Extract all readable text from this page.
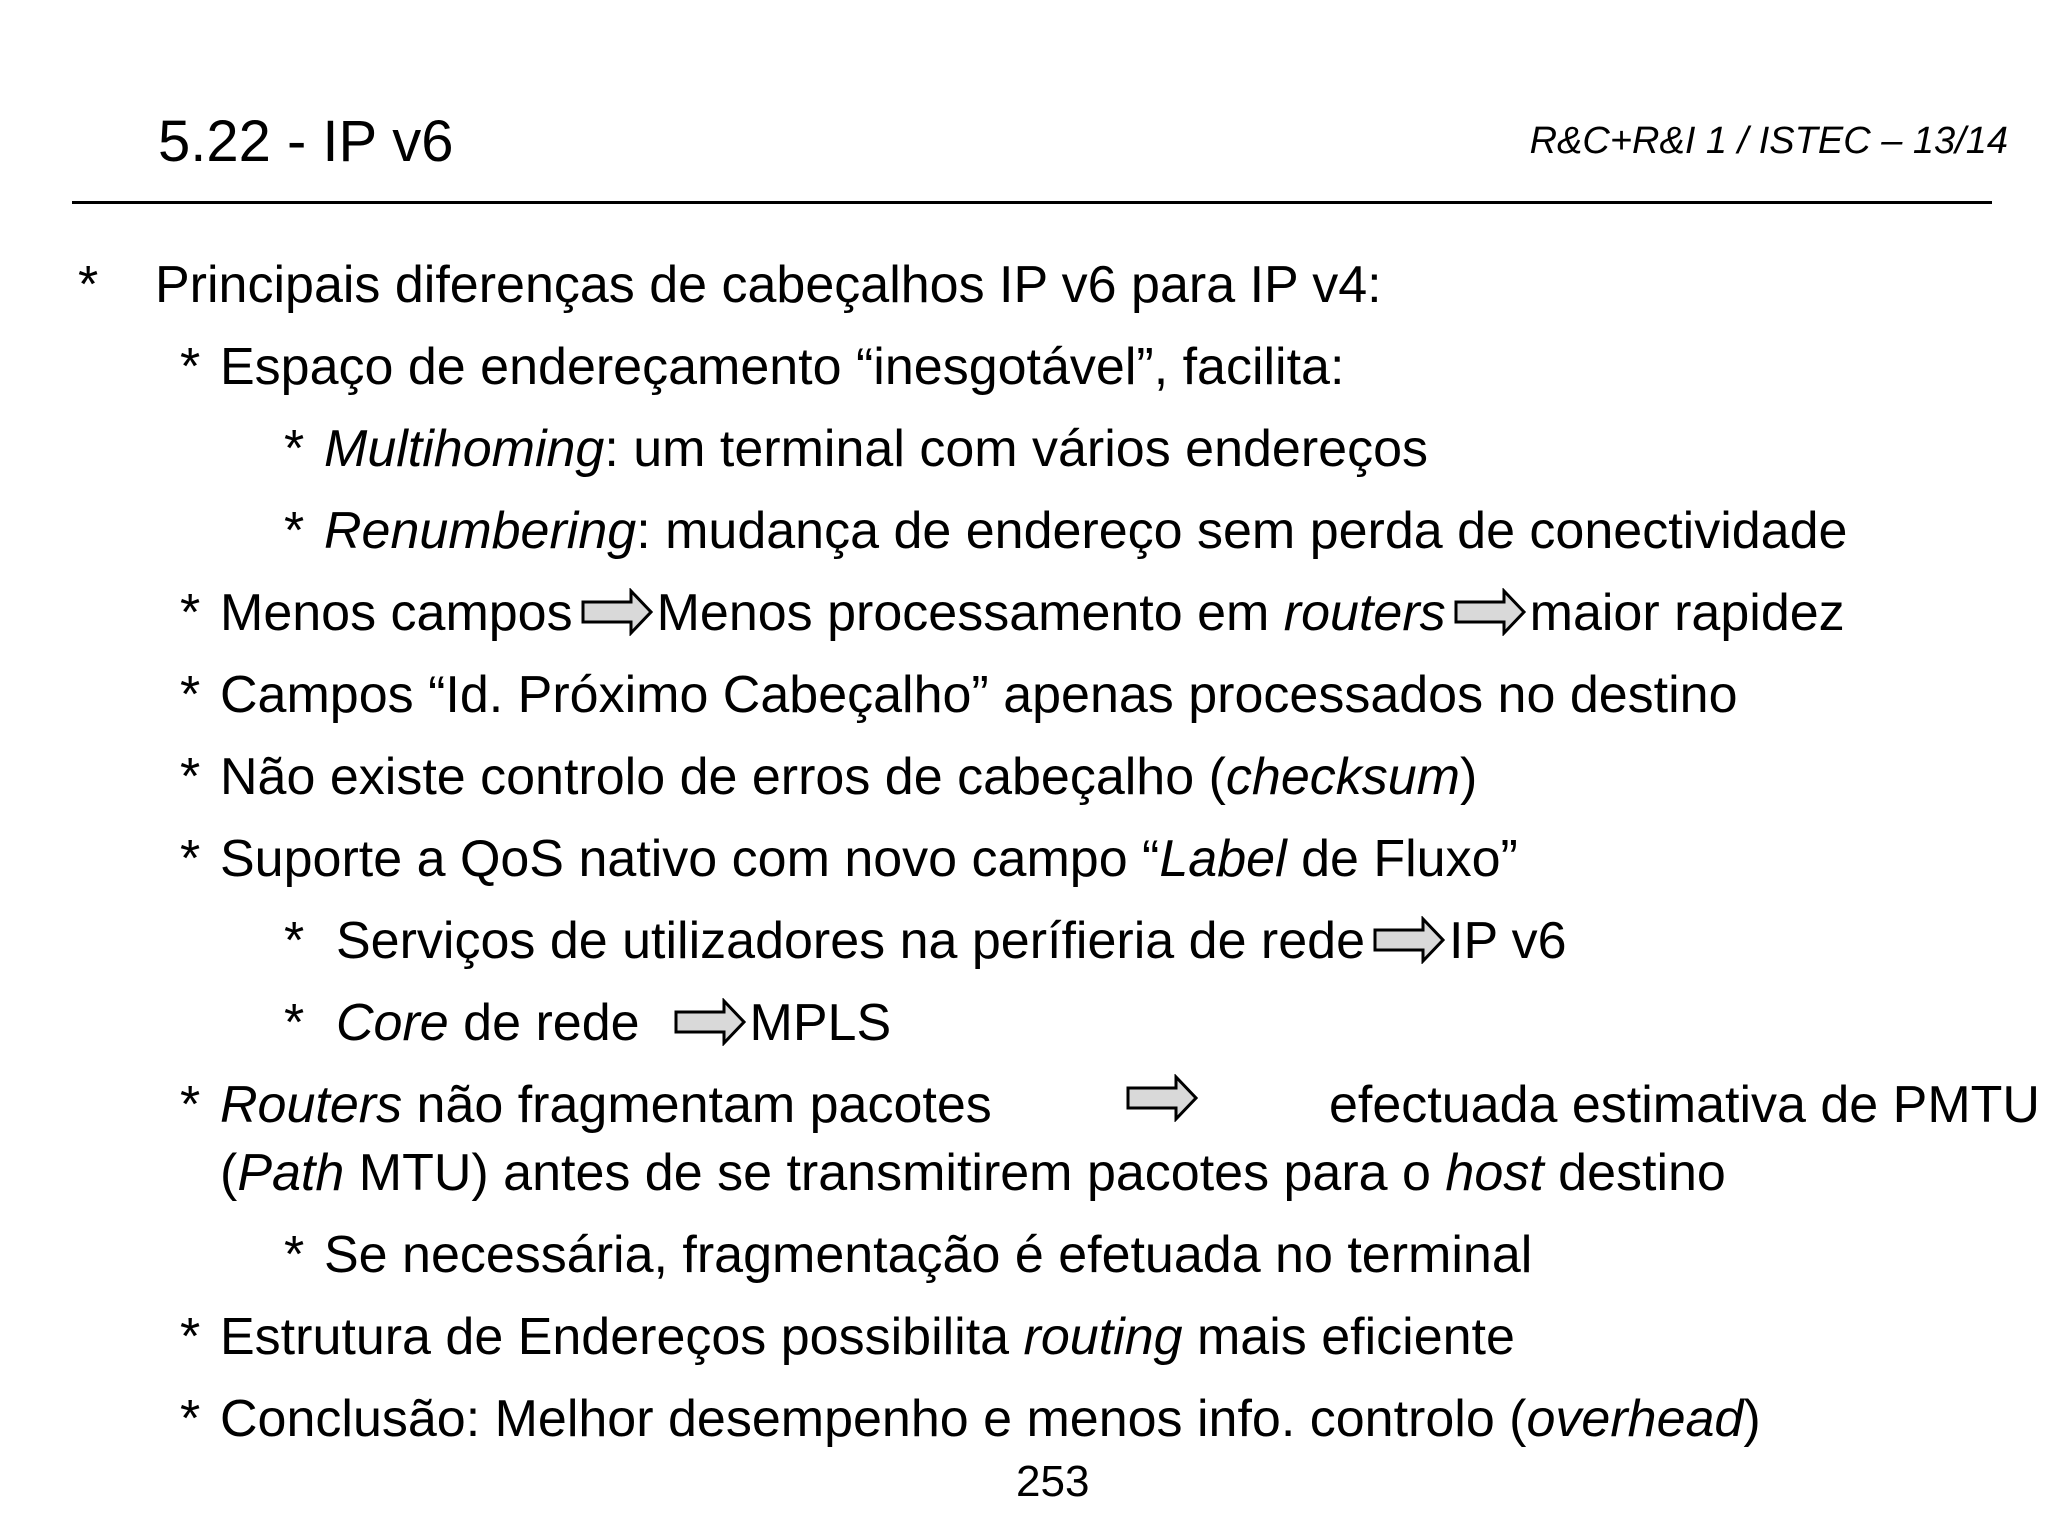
5.22 - IP v6	R&C+R&I 1 / ISTEC – 13/14
* Principais diferenças de cabeçalhos IP v6 para IP v4:
* Espaço de endereçamento “inesgotável”, facilita:
* Multihoming: um terminal com vários endereços
* Renumbering: mudança de endereço sem perda de conectividade
* Menos campos Menos processamento em routers maior rapidez
* Campos “Id. Próximo Cabeçalho” apenas processados no destino
* Não existe controlo de erros de cabeçalho (checksum)
* Suporte a QoS nativo com novo campo “Label de Fluxo”
* Serviços de utilizadores na perífieria de rede IP v6
* Core de rede MPLS
* Routers não fragmentam pacotes	efectuada estimativa de PMTU
(Path MTU) antes de se transmitirem pacotes para o host destino
* Se necessária, fragmentação é efetuada no terminal
* Estrutura de Endereços possibilita routing mais eficiente
* Conclusão: Melhor desempenho e menos info. controlo (overhead)
253
